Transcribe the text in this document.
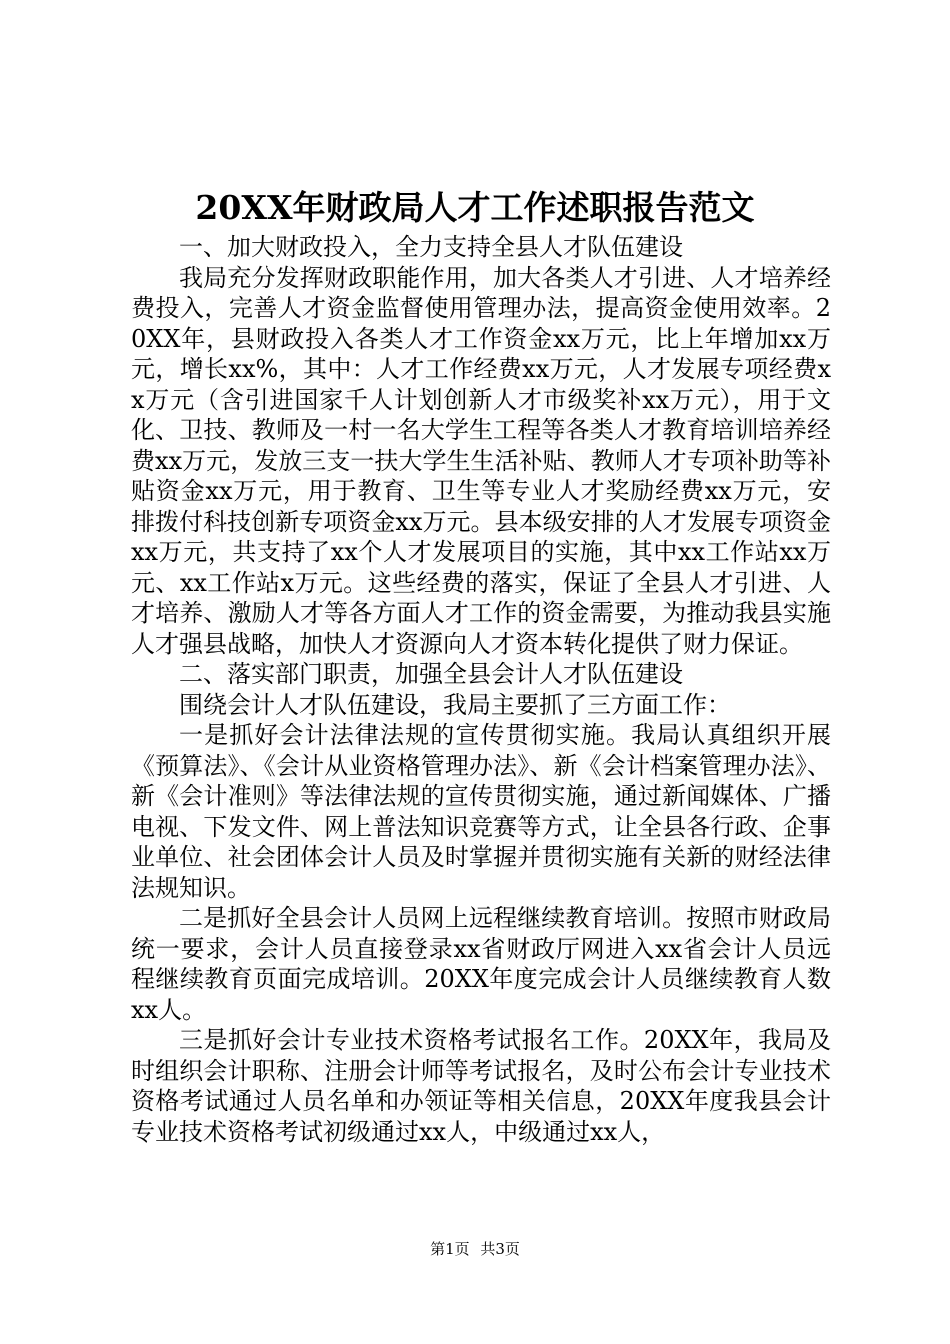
20XX年财政局人才工作述职报告范文

一、加大财政投入，全力支持全县人才队伍建设

我局充分发挥财政职能作用，加大各类人才引进、人才培养经费投入，完善人才资金监督使用管理办法，提高资金使用效率。20XX年，县财政投入各类人才工作资金xx万元，比上年增加xx万元，增长xx%，其中：人才工作经费xx万元，人才发展专项经费xx万元（含引进国家千人计划创新人才市级奖补xx万元），用于文化、卫技、教师及一村一名大学生工程等各类人才教育培训培养经费xx万元，发放三支一扶大学生生活补贴、教师人才专项补助等补贴资金xx万元，用于教育、卫生等专业人才奖励经费xx万元，安排拨付科技创新专项资金xx万元。县本级安排的人才发展专项资金xx万元，共支持了xx个人才发展项目的实施，其中xx工作站xx万元、xx工作站x万元。这些经费的落实，保证了全县人才引进、人才培养、激励人才等各方面人才工作的资金需要，为推动我县实施人才强县战略，加快人才资源向人才资本转化提供了财力保证。

二、落实部门职责，加强全县会计人才队伍建设

围绕会计人才队伍建设，我局主要抓了三方面工作：

一是抓好会计法律法规的宣传贯彻实施。我局认真组织开展《预算法》、《会计从业资格管理办法》、新《会计档案管理办法》、新《会计准则》等法律法规的宣传贯彻实施，通过新闻媒体、广播电视、下发文件、网上普法知识竞赛等方式，让全县各行政、企事业单位、社会团体会计人员及时掌握并贯彻实施有关新的财经法律法规知识。

二是抓好全县会计人员网上远程继续教育培训。按照市财政局统一要求，会计人员直接登录xx省财政厅网进入xx省会计人员远程继续教育页面完成培训。20XX年度完成会计人员继续教育人数xx人。

三是抓好会计专业技术资格考试报名工作。20XX年，我局及时组织会计职称、注册会计师等考试报名，及时公布会计专业技术资格考试通过人员名单和办领证等相关信息，20XX年度我县会计专业技术资格考试初级通过xx人，中级通过xx人，

第1页 共3页
